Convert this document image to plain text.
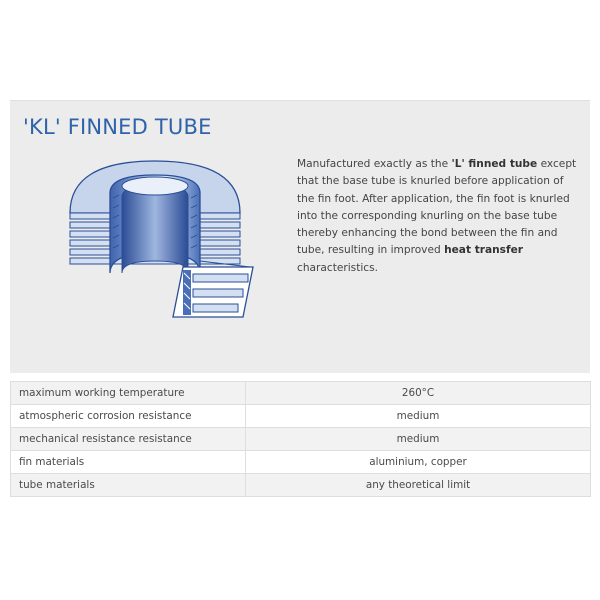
'KL' FINNED TUBE

Manufactured exactly as the 'L' finned tube except that the base tube is knurled before application of the fin foot. After application, the fin foot is knurled into the corresponding knurling on the base tube thereby enhancing the bond between the fin and tube, resulting in improved heat transfer characteristics.

maximum working temperature	260°C
atmospheric corrosion resistance	medium
mechanical resistance resistance	medium
fin materials	aluminium, copper
tube materials	any theoretical limit
